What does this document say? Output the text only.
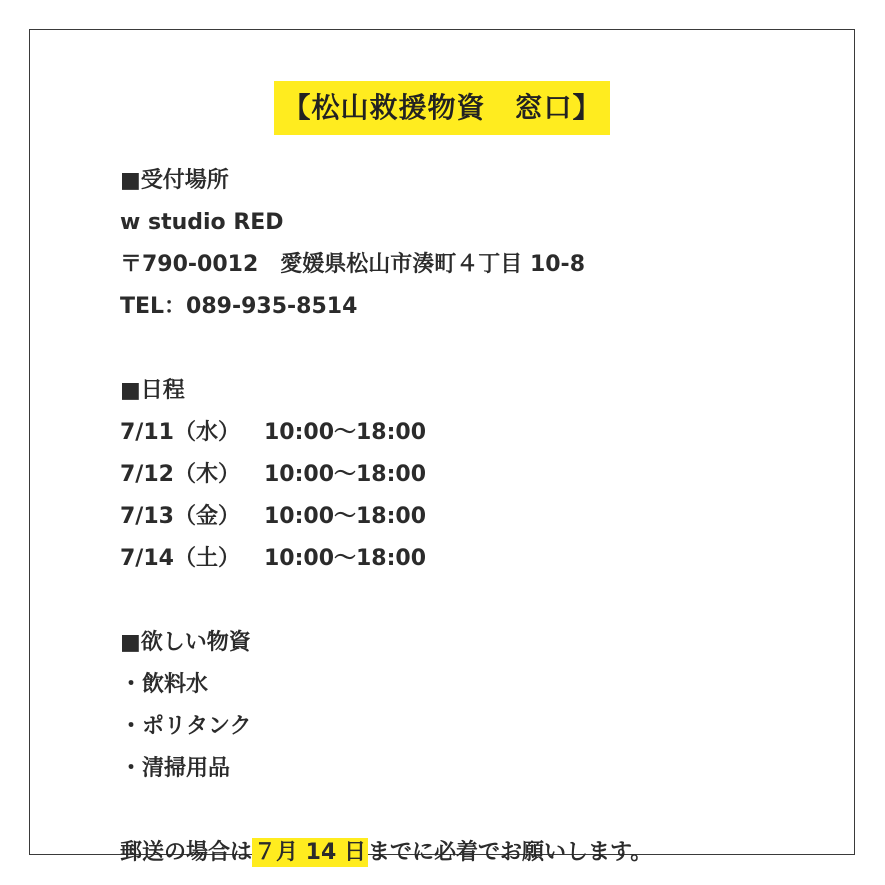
【松山救援物資　窓口】
■受付場所
w studio RED
〒790-0012　愛媛県松山市湊町４丁目 10-8
TEL：089-935-8514
■日程
7/11（水） 10:00〜18:00
7/12（木） 10:00〜18:00
7/13（金） 10:00〜18:00
7/14（土） 10:00〜18:00
■欲しい物資
・飲料水
・ポリタンク
・清掃用品
郵送の場合は７月 14 日までに必着でお願いします。
